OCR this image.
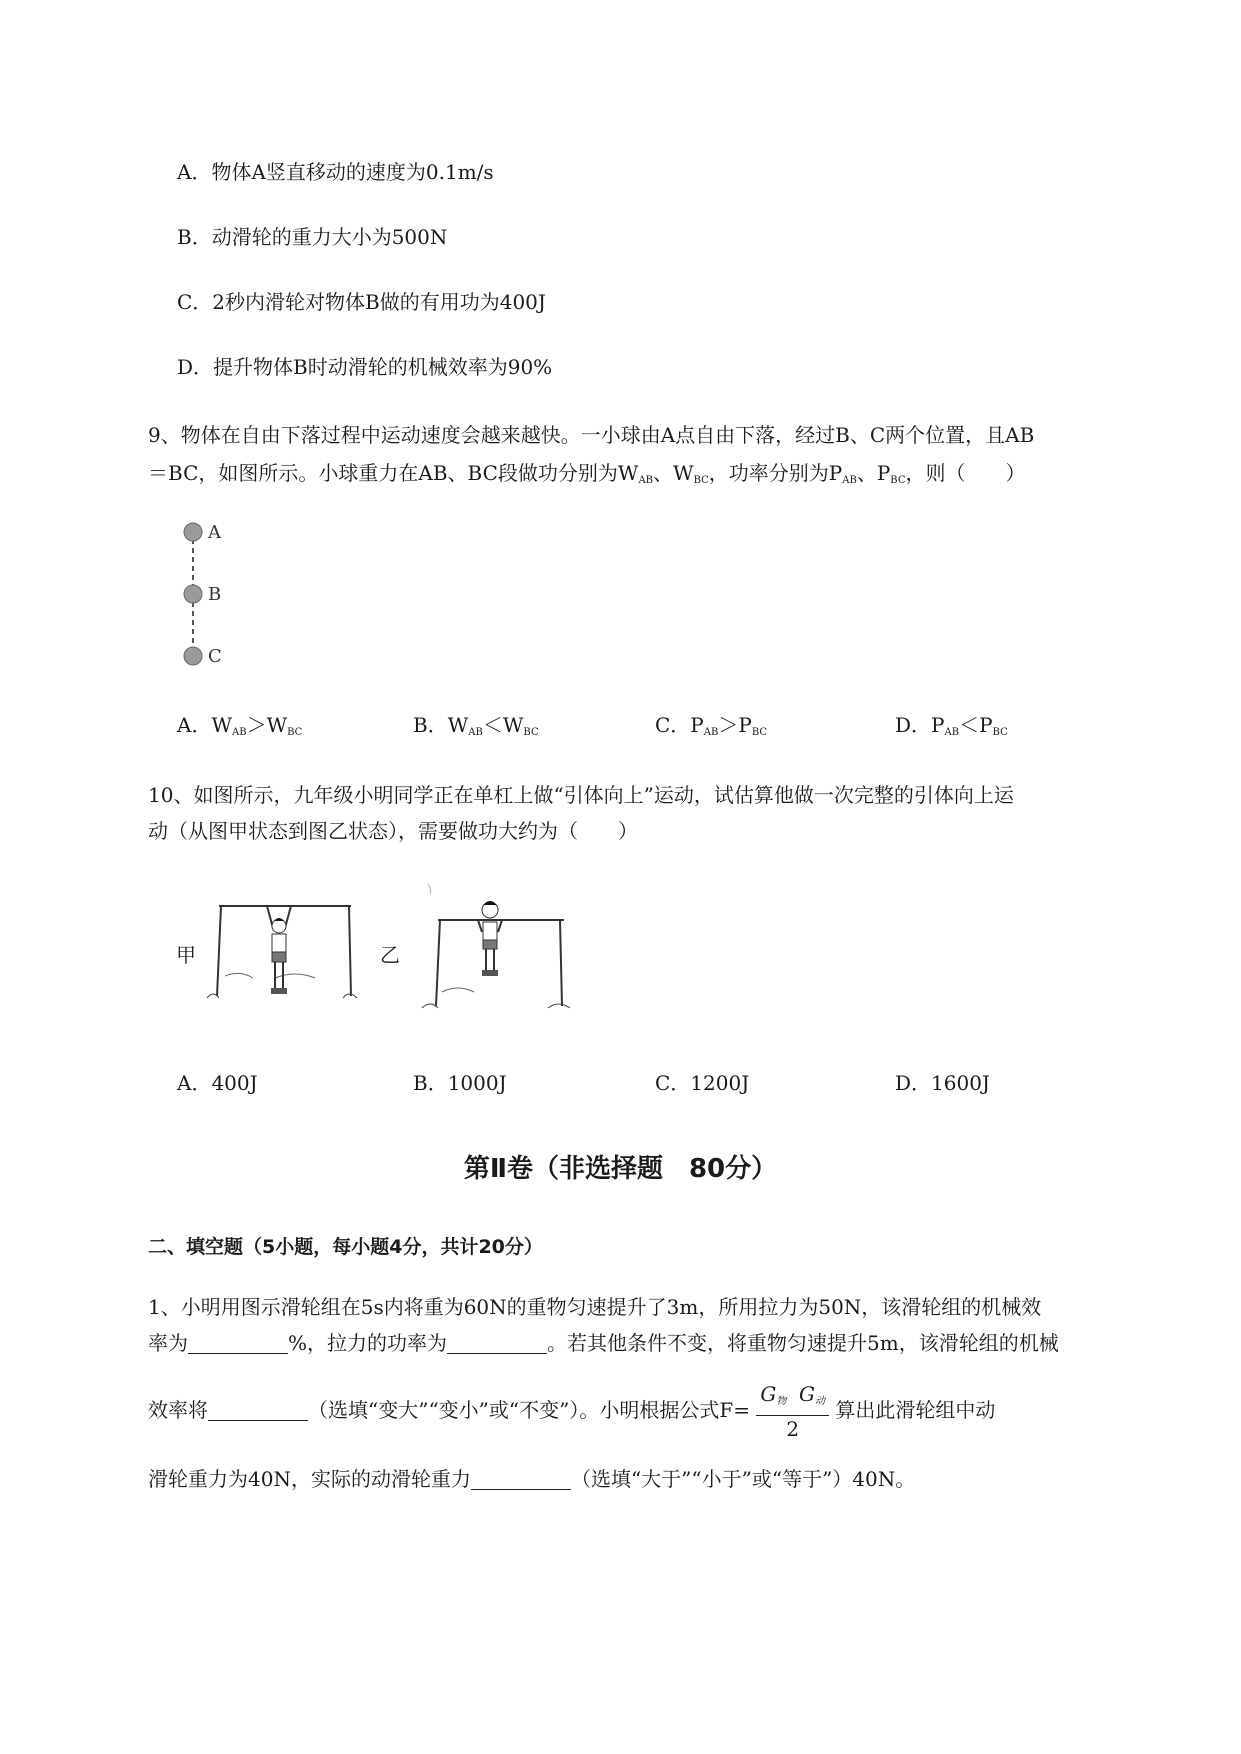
A．物体A竖直移动的速度为0.1m/s
B．动滑轮的重力大小为500N
C．2秒内滑轮对物体B做的有用功为400J
D．提升物体B时动滑轮的机械效率为90%
9、物体在自由下落过程中运动速度会越来越快。一小球由A点自由下落，经过B、C两个位置，且AB
＝BC，如图所示。小球重力在AB、BC段做功分别为$W_{AB}$、$W_{BC}$，功率分别为$P_{AB}$、$P_{BC}$，则（　　）
A
B
C
A．$W_{AB}>W_{BC}$	B．$W_{AB}<W_{BC}$	C．$P_{AB}>P_{BC}$	D．$P_{AB}<P_{BC}$
10、如图所示，九年级小明同学正在单杠上做“引体向上”运动，试估算他做一次完整的引体向上运
动（从图甲状态到图乙状态），需要做功大约为（　　）
甲	乙
A．400J	B．1000J	C．1200J	D．1600J
第Ⅱ卷（非选择题　80分）
二、填空题（5小题，每小题4分，共计20分）
1、小明用图示滑轮组在5s内将重为60N的重物匀速提升了3m，所用拉力为50N，该滑轮组的机械效
率为	%，拉力的功率为	。若其他条件不变，将重物匀速提升5m，该滑轮组的机械
效率将	（选填“变大”“变小”或“不变”）。小明根据公式$F= \frac{G_物 G_动}{2}$ 算出此滑轮组中动
滑轮重力为40N，实际的动滑轮重力	（选填“大于”“小于”或“等于”）40N。
